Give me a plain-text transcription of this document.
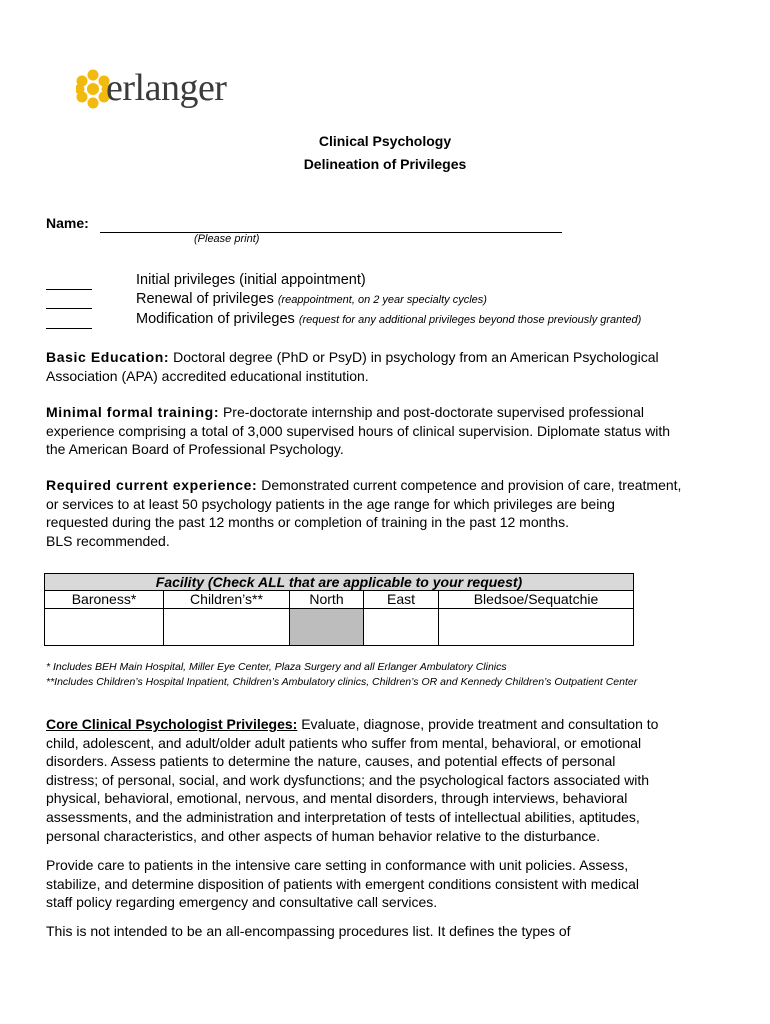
erlanger
Clinical Psychology
Delineation of Privileges
Name:
(Please print)
Initial privileges (initial appointment)
Renewal of privileges (reappointment, on 2 year specialty cycles)
Modification of privileges (request for any additional privileges beyond those previously granted)
Basic Education: Doctoral degree (PhD or PsyD) in psychology from an American Psychological
Association (APA) accredited educational institution.
Minimal formal training: Pre-doctorate internship and post-doctorate supervised professional
experience comprising a total of 3,000 supervised hours of clinical supervision. Diplomate status with
the American Board of Professional Psychology.
Required current experience: Demonstrated current competence and provision of care, treatment,
or services to at least 50 psychology patients in the age range for which privileges are being
requested during the past 12 months or completion of training in the past 12 months.
BLS recommended.
Facility (Check ALL that are applicable to your request)				
Baroness*	Children’s**	North	East	Bledsoe/Sequatchie

* Includes BEH Main Hospital, Miller Eye Center, Plaza Surgery and all Erlanger Ambulatory Clinics
**Includes Children’s Hospital Inpatient, Children’s Ambulatory clinics, Children’s OR and Kennedy Children’s Outpatient Center
Core Clinical Psychologist Privileges: Evaluate, diagnose, provide treatment and consultation to
child, adolescent, and adult/older adult patients who suffer from mental, behavioral, or emotional
disorders. Assess patients to determine the nature, causes, and potential effects of personal
distress; of personal, social, and work dysfunctions; and the psychological factors associated with
physical, behavioral, emotional, nervous, and mental disorders, through interviews, behavioral
assessments, and the administration and interpretation of tests of intellectual abilities, aptitudes,
personal characteristics, and other aspects of human behavior relative to the disturbance.
Provide care to patients in the intensive care setting in conformance with unit policies. Assess,
stabilize, and determine disposition of patients with emergent conditions consistent with medical
staff policy regarding emergency and consultative call services.
This is not intended to be an all-encompassing procedures list. It defines the types of
